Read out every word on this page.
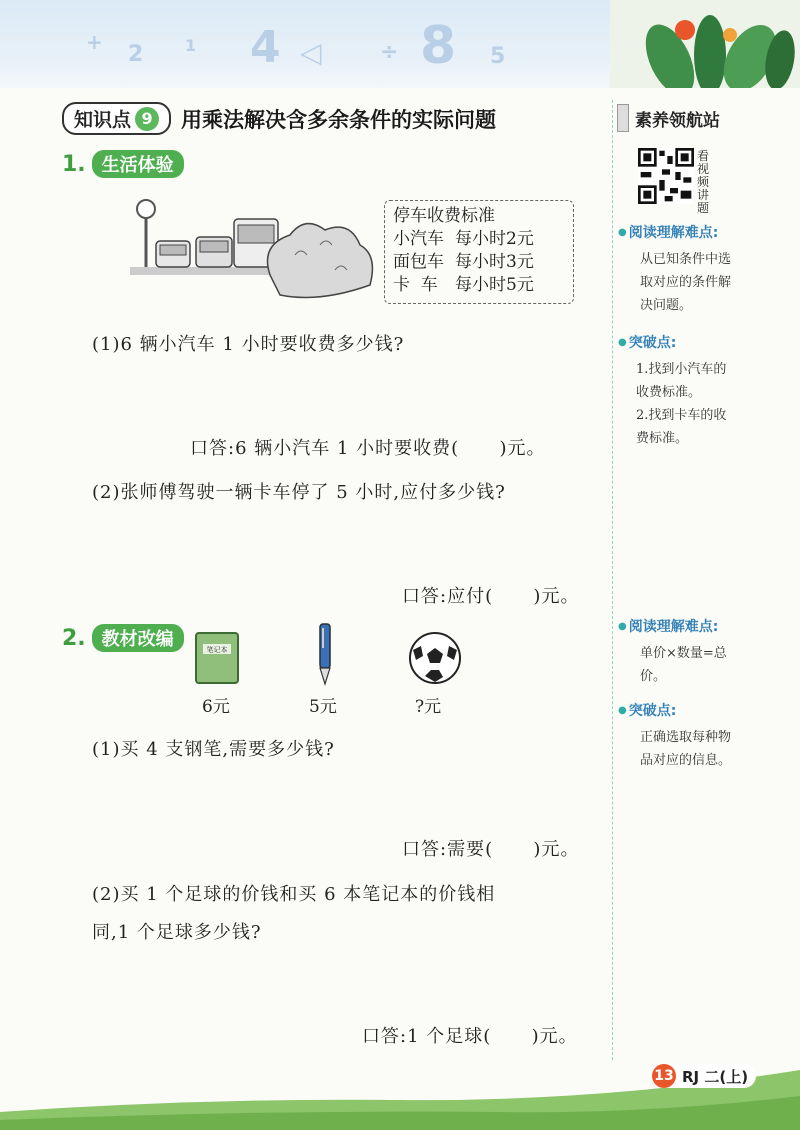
+ 2	1 4 ◁	÷ 8 5
知识点 9	用乘法解决含多余条件的实际问题	素养领航站
看视频讲题
● 阅读理解难点:
从已知条件中选
取对应的条件解
决问题。
● 突破点:
1.找到小汽车的
收费标准。
2.找到卡车的收
费标准。
● 阅读理解难点:
单价×数量=总
价。
● 突破点:
正确选取每种物
品对应的信息。
1. 生活体验
停车收费标准
小汽车 每小时2元
面包车 每小时3元
卡  车	每小时5元
(1)6 辆小汽车 1 小时要收费多少钱?
口答:6 辆小汽车 1 小时要收费(      )元。
(2)张师傅驾驶一辆卡车停了 5 小时,应付多少钱?
口答:应付(      )元。
2. 教材改编	笔记本
6元	5元	?元
(1)买 4 支钢笔,需要多少钱?
口答:需要(      )元。
(2)买 1 个足球的价钱和买 6 本笔记本的价钱相
同,1 个足球多少钱?
口答:1 个足球(      )元。
13 RJ 二(上)
